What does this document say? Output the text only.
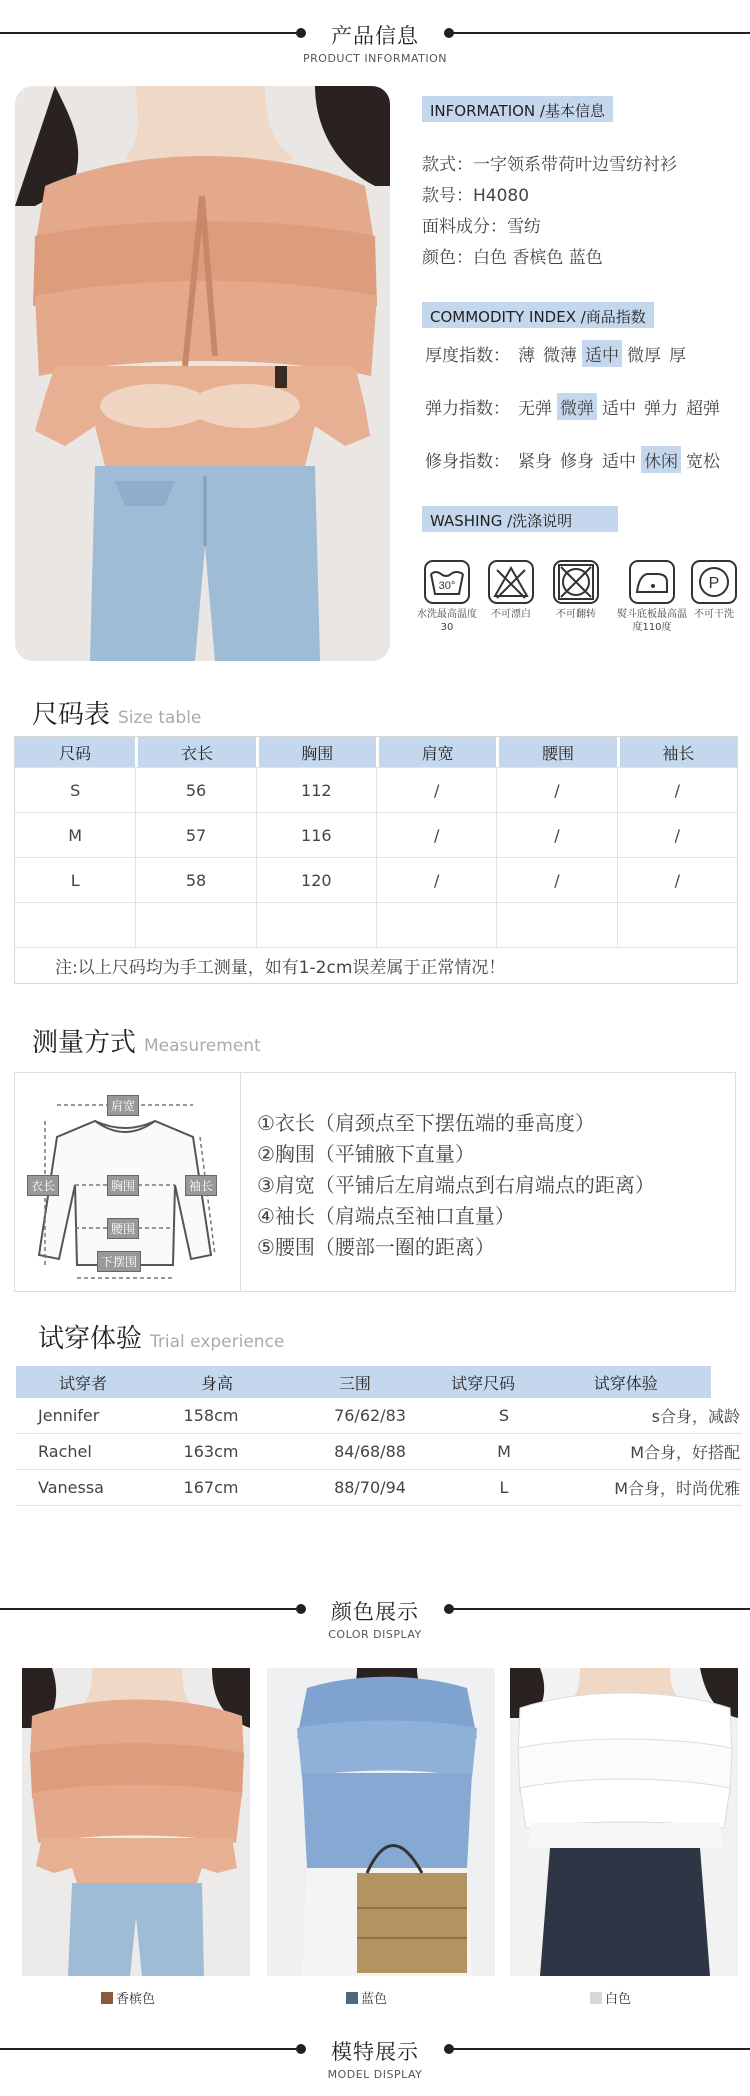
产品信息
PRODUCT INFORMATION
INFORMATION /基本信息
款式：一字领系带荷叶边雪纺衬衫
款号：H4080
面料成分：雪纺
颜色：白色 香槟色 蓝色
COMMODITY INDEX /商品指数
厚度指数： 薄 微薄 适中 微厚 厚
弹力指数： 无弹 微弹 适中 弹力 超弹
修身指数： 紧身 修身 适中 休闲 宽松
WASHING /洗涤说明
30°
水洗最高温度30
不可漂白	不可翻转	熨斗底板最高温度110度
P
不可干洗
尺码表 Size table
尺码	衣长	胸围	肩宽	腰围	袖长
S	56	112	/	/	/
M	57	116	/	/	/
L	58	120	/	/	/
注:以上尺码均为手工测量，如有1-2cm误差属于正常情况！
测量方式 Measurement
肩宽
胸围
腰围
下摆围
衣长	袖长
①衣长（肩颈点至下摆伍端的垂高度）
②胸围（平铺腋下直量）
③肩宽（平铺后左肩端点到右肩端点的距离）
④袖长（肩端点至袖口直量）
⑤腰围（腰部一圈的距离）
试穿体验 Trial experience
试穿者	身高	三围	试穿尺码	试穿体验
Jennifer	158cm	76/62/83	S	s合身，减龄
Rachel	163cm	84/68/88	M	M合身，好搭配
Vanessa	167cm	88/70/94	L	M合身，时尚优雅
颜色展示
COLOR DISPLAY
香槟色	蓝色	白色
模特展示
MODEL DISPLAY
